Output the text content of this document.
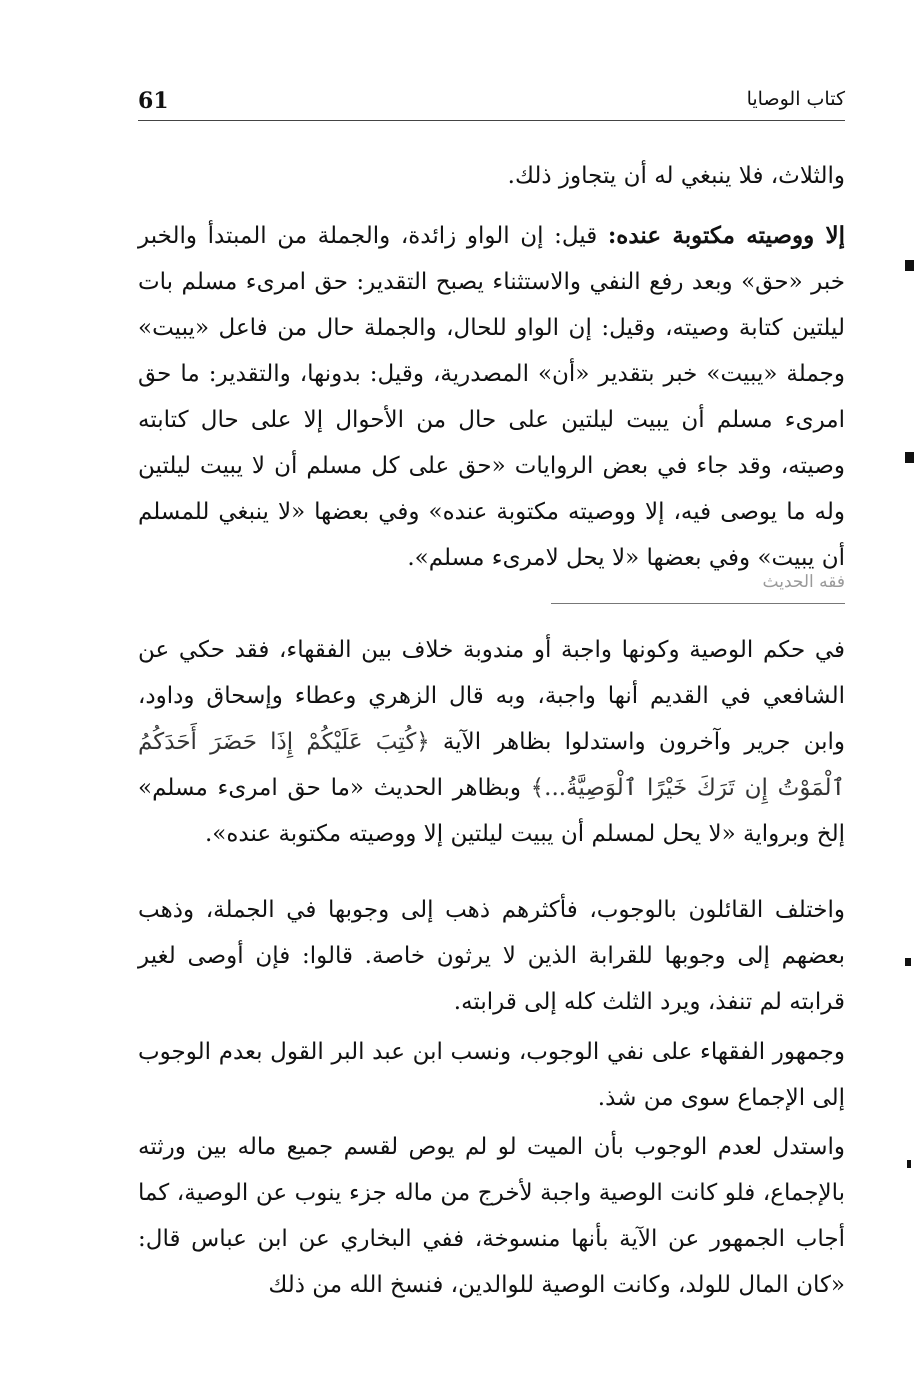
61	كتاب الوصايا

والثلاث، فلا ينبغي له أن يتجاوز ذلك.

إلا ووصيته مكتوبة عنده: قيل: إن الواو زائدة، والجملة من المبتدأ والخبر خبر «حق» وبعد رفع النفي والاستثناء يصبح التقدير: حق امرىء مسلم بات ليلتين كتابة وصيته، وقيل: إن الواو للحال، والجملة حال من فاعل «يبيت» وجملة «يبيت» خبر بتقدير «أن» المصدرية، وقيل: بدونها، والتقدير: ما حق امرىء مسلم أن يبيت ليلتين على حال من الأحوال إلا على حال كتابته وصيته، وقد جاء في بعض الروايات «حق على كل مسلم أن لا يبيت ليلتين وله ما يوصى فيه، إلا ووصيته مكتوبة عنده» وفي بعضها «لا ينبغي للمسلم أن يبيت» وفي بعضها «لا يحل لامرىء مسلم».

فقه الحديث

في حكم الوصية وكونها واجبة أو مندوبة خلاف بين الفقهاء، فقد حكي عن الشافعي في القديم أنها واجبة، وبه قال الزهري وعطاء وإسحاق وداود، وابن جرير وآخرون واستدلوا بظاهر الآية ﴿كُتِبَ عَلَيْكُمْ إِذَا حَضَرَ أَحَدَكُمُ ٱلْمَوْتُ إِن تَرَكَ خَيْرًا ٱلْوَصِيَّةُ...﴾ وبظاهر الحديث «ما حق امرىء مسلم» إلخ وبرواية «لا يحل لمسلم أن يبيت ليلتين إلا ووصيته مكتوبة عنده».

واختلف القائلون بالوجوب، فأكثرهم ذهب إلى وجوبها في الجملة، وذهب بعضهم إلى وجوبها للقرابة الذين لا يرثون خاصة. قالوا: فإن أوصى لغير قرابته لم تنفذ، ويرد الثلث كله إلى قرابته.

وجمهور الفقهاء على نفي الوجوب، ونسب ابن عبد البر القول بعدم الوجوب إلى الإجماع سوى من شذ.

واستدل لعدم الوجوب بأن الميت لو لم يوص لقسم جميع ماله بين ورثته بالإجماع، فلو كانت الوصية واجبة لأخرج من ماله جزء ينوب عن الوصية، كما أجاب الجمهور عن الآية بأنها منسوخة، ففي البخاري عن ابن عباس قال: «كان المال للولد، وكانت الوصية للوالدين، فنسخ الله من ذلك
